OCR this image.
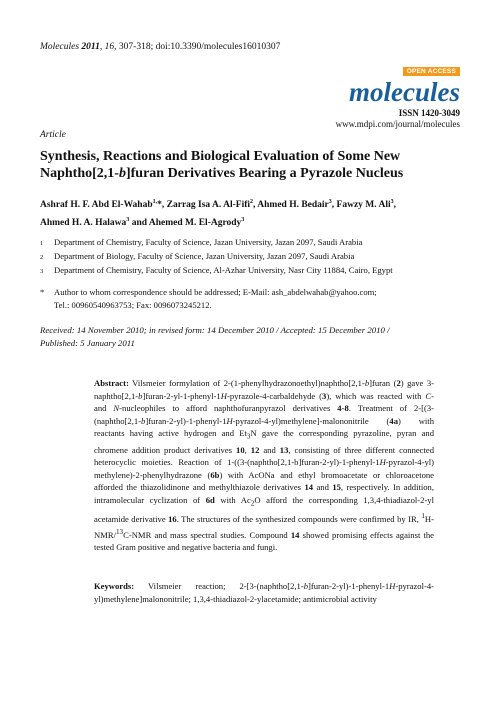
Molecules 2011, 16, 307-318; doi:10.3390/molecules16010307
OPEN ACCESS
molecules
ISSN 1420-3049
www.mdpi.com/journal/molecules
Article
Synthesis, Reactions and Biological Evaluation of Some New
Naphtho[2,1-b]furan Derivatives Bearing a Pyrazole Nucleus
Ashraf H. F. Abd El-Wahab$^{1,}$*, Zarrag Isa A. Al-Fifi$^2$, Ahmed H. Bedair$^3$, Fawzy M. Ali$^3$,
Ahmed H. A. Halawa$^3$ and Ahemed M. El-Agrody$^3$
1	Department of Chemistry, Faculty of Science, Jazan University, Jazan 2097, Saudi Arabia
2	Department of Biology, Faculty of Science, Jazan University, Jazan 2097, Saudi Arabia
3	Department of Chemistry, Faculty of Science, Al-Azhar University, Nasr City 11884, Cairo, Egypt
*	Author to whom correspondence should be addressed; E-Mail: ash_abdelwahab@yahoo.com;
Tel.: 00960540963753; Fax: 0096073245212.
Received: 14 November 2010; in revised form: 14 December 2010 / Accepted: 15 December 2010 /
Published: 5 January 2011
Abstract: Vilsmeier formylation of 2-(1-phenylhydrazonoethyl)naphtho[2,1-b]furan (2) gave 3-naphtho[2,1-b]furan-2-yl-1-phenyl-1H-pyrazole-4-carbaldehyde (3), which was reacted with C- and N-nucleophiles to afford naphthofuranpyrazol derivatives 4-8. Treatment of 2-[(3-(naphtho[2,1-b]furan-2-yl)-1-phenyl-1H-pyrazol-4-yl)methylene]-malononitrile (4a) with reactants having active hydrogen and $Et_3N$ gave the corresponding pyrazoline, pyran and chromene addition product derivatives 10, 12 and 13, consisting of three different connected heterocyclic moieties. Reaction of 1-((3-(naphtho[2,1-b]furan-2-yl)-1-phenyl-1H-pyrazol-4-yl) methylene)-2-phenylhydrazone (6b) with AcONa and ethyl bromoacetate or chloroacetone afforded the thiazolidinone and methylthiazole derivatives 14 and 15, respectively. In addition, intramolecular cyclization of 6d with $Ac_2O$ afford the corresponding 1,3,4-thiadiazol-2-yl acetamide derivative 16. The structures of the synthesized compounds were confirmed by IR, $^1$H-NMR/$^{13}$C-NMR and mass spectral studies. Compound 14 showed promising effects against the tested Gram positive and negative bacteria and fungi.
Keywords: Vilsmeier reaction; 2-[3-(naphtho[2,1-b]furan-2-yl)-1-phenyl-1H-pyrazol-4-yl)methylene]malononitrile; 1,3,4-thiadiazol-2-ylacetamide; antimicrobial activity
